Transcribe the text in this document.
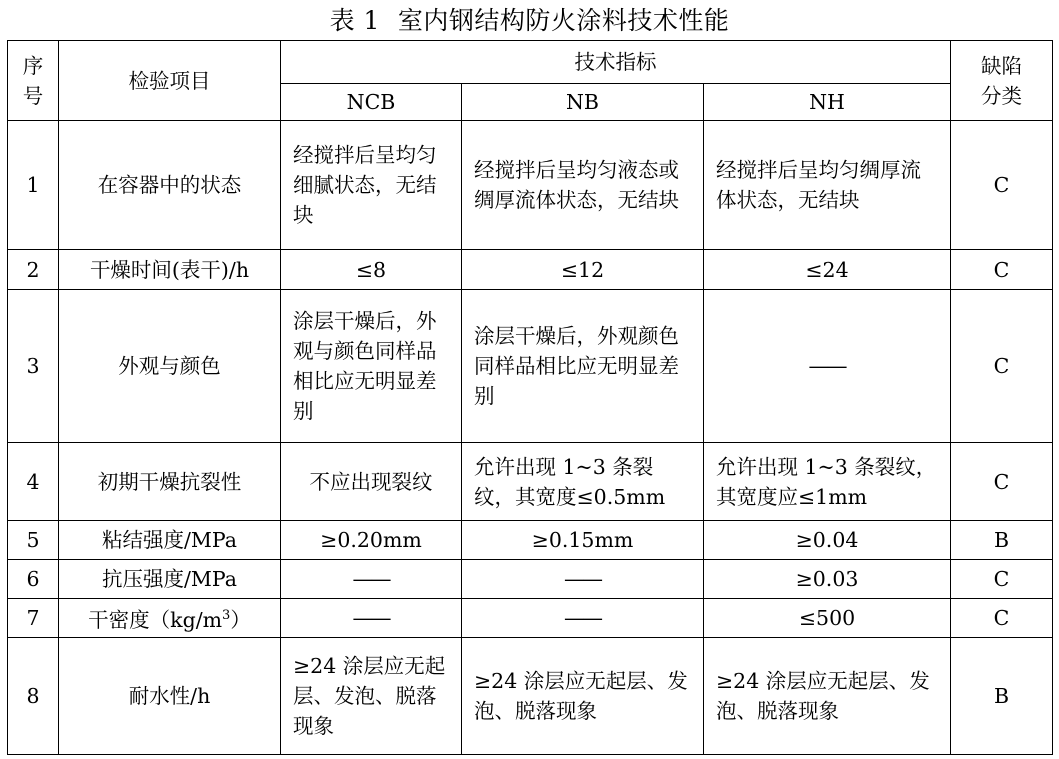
表 1 室内钢结构防火涂料技术性能
序号	检验项目	技术指标			缺陷分类
		NCB	NB	NH	
1	在容器中的状态	经搅拌后呈均匀细腻状态，无结块	经搅拌后呈均匀液态或绸厚流体状态，无结块	经搅拌后呈均匀绸厚流体状态，无结块	C
2	干燥时间(表干)/h	≤8	≤12	≤24	C
3	外观与颜色	涂层干燥后，外观与颜色同样品相比应无明显差别	涂层干燥后，外观颜色同样品相比应无明显差别	——	C
4	初期干燥抗裂性	不应出现裂纹	允许出现 1~3 条裂纹，其宽度≤0.5mm	允许出现 1~3 条裂纹，其宽度应≤1mm	C
5	粘结强度/MPa	≥0.20mm	≥0.15mm	≥0.04	B
6	抗压强度/MPa	——	——	≥0.03	C
7	干密度$(kg/m^3)$	——	——	≤500	C
8	耐水性/h	≥24 涂层应无起层、发泡、脱落现象	≥24 涂层应无起层、发泡、脱落现象	≥24 涂层应无起层、发泡、脱落现象	B
